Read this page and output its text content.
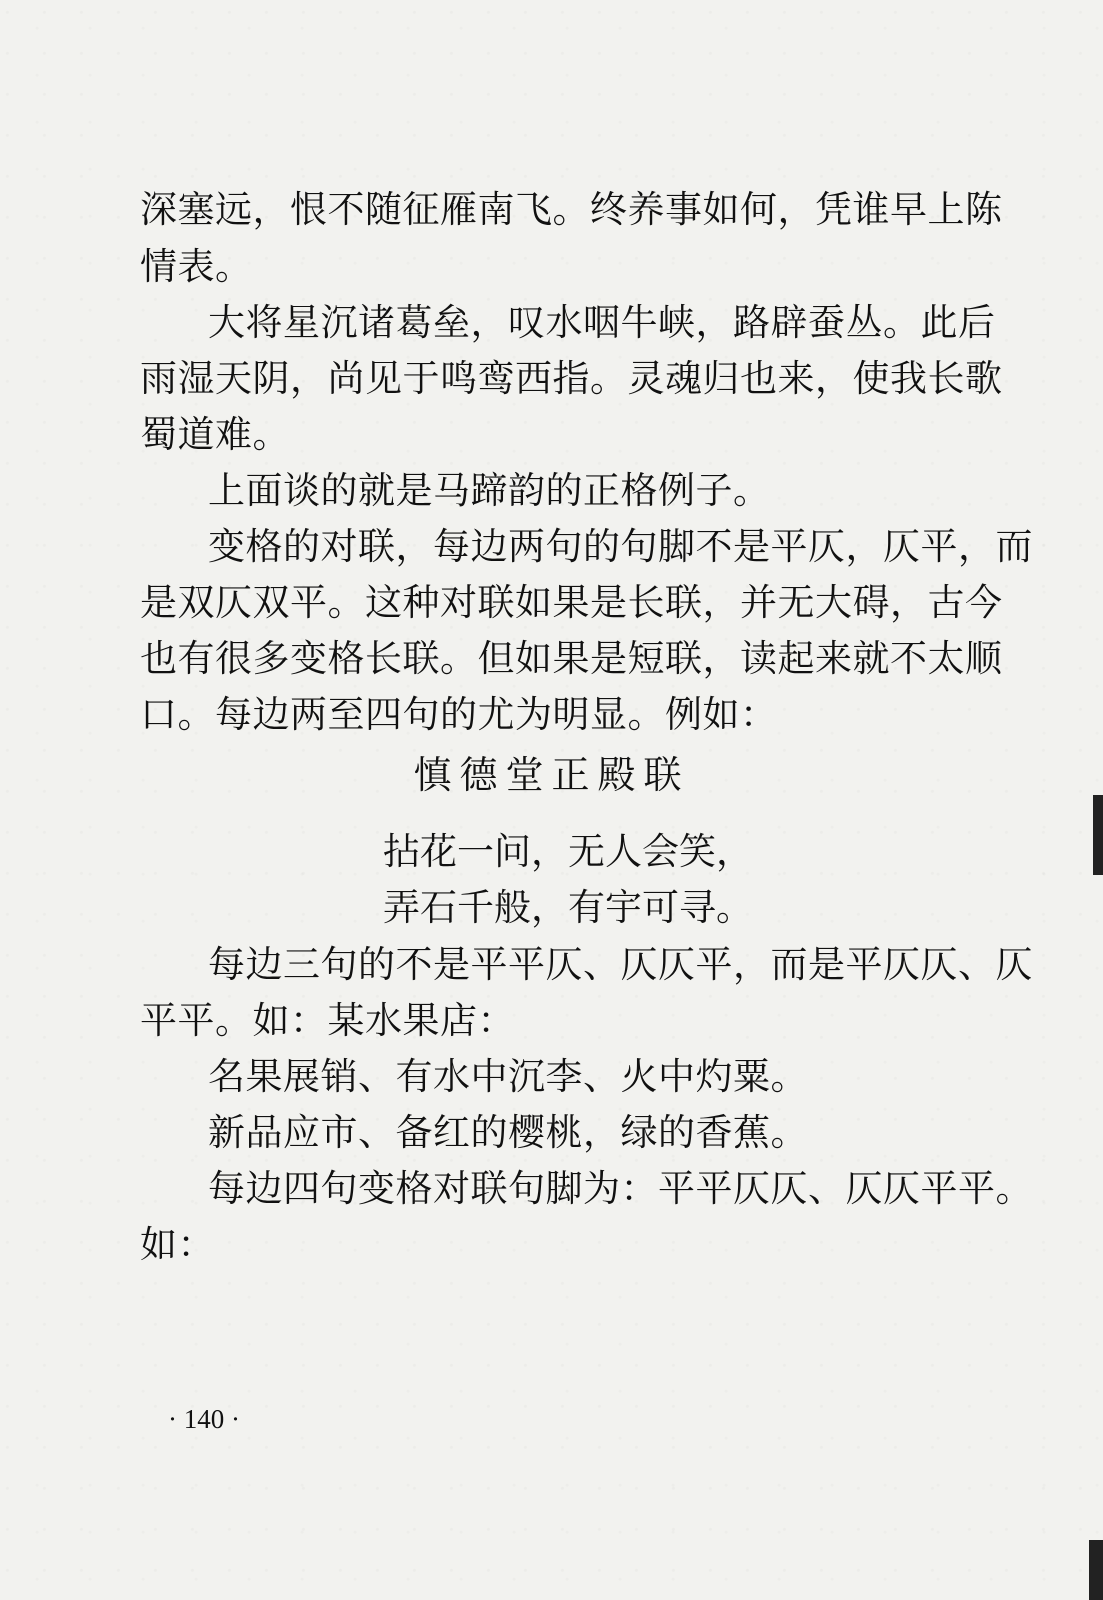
深塞远，恨不随征雁南飞。终养事如何，凭谁早上陈
情表。
大将星沉诸葛垒，叹水咽牛峡，路辟蚕丛。此后
雨湿天阴，尚见于鸣鸾西指。灵魂归也来，使我长歌
蜀道难。
上面谈的就是马蹄韵的正格例子。
变格的对联，每边两句的句脚不是平仄，仄平，而
是双仄双平。这种对联如果是长联，并无大碍，古今
也有很多变格长联。但如果是短联，读起来就不太顺
口。每边两至四句的尤为明显。例如：
慎德堂正殿联
拈花一问，无人会笑，
弄石千般，有宇可寻。
每边三句的不是平平仄、仄仄平，而是平仄仄、仄
平平。如：某水果店：
名果展销、有水中沉李、火中灼粟。
新品应市、备红的樱桃，绿的香蕉。
每边四句变格对联句脚为：平平仄仄、仄仄平平。
如：
· 140 ·
